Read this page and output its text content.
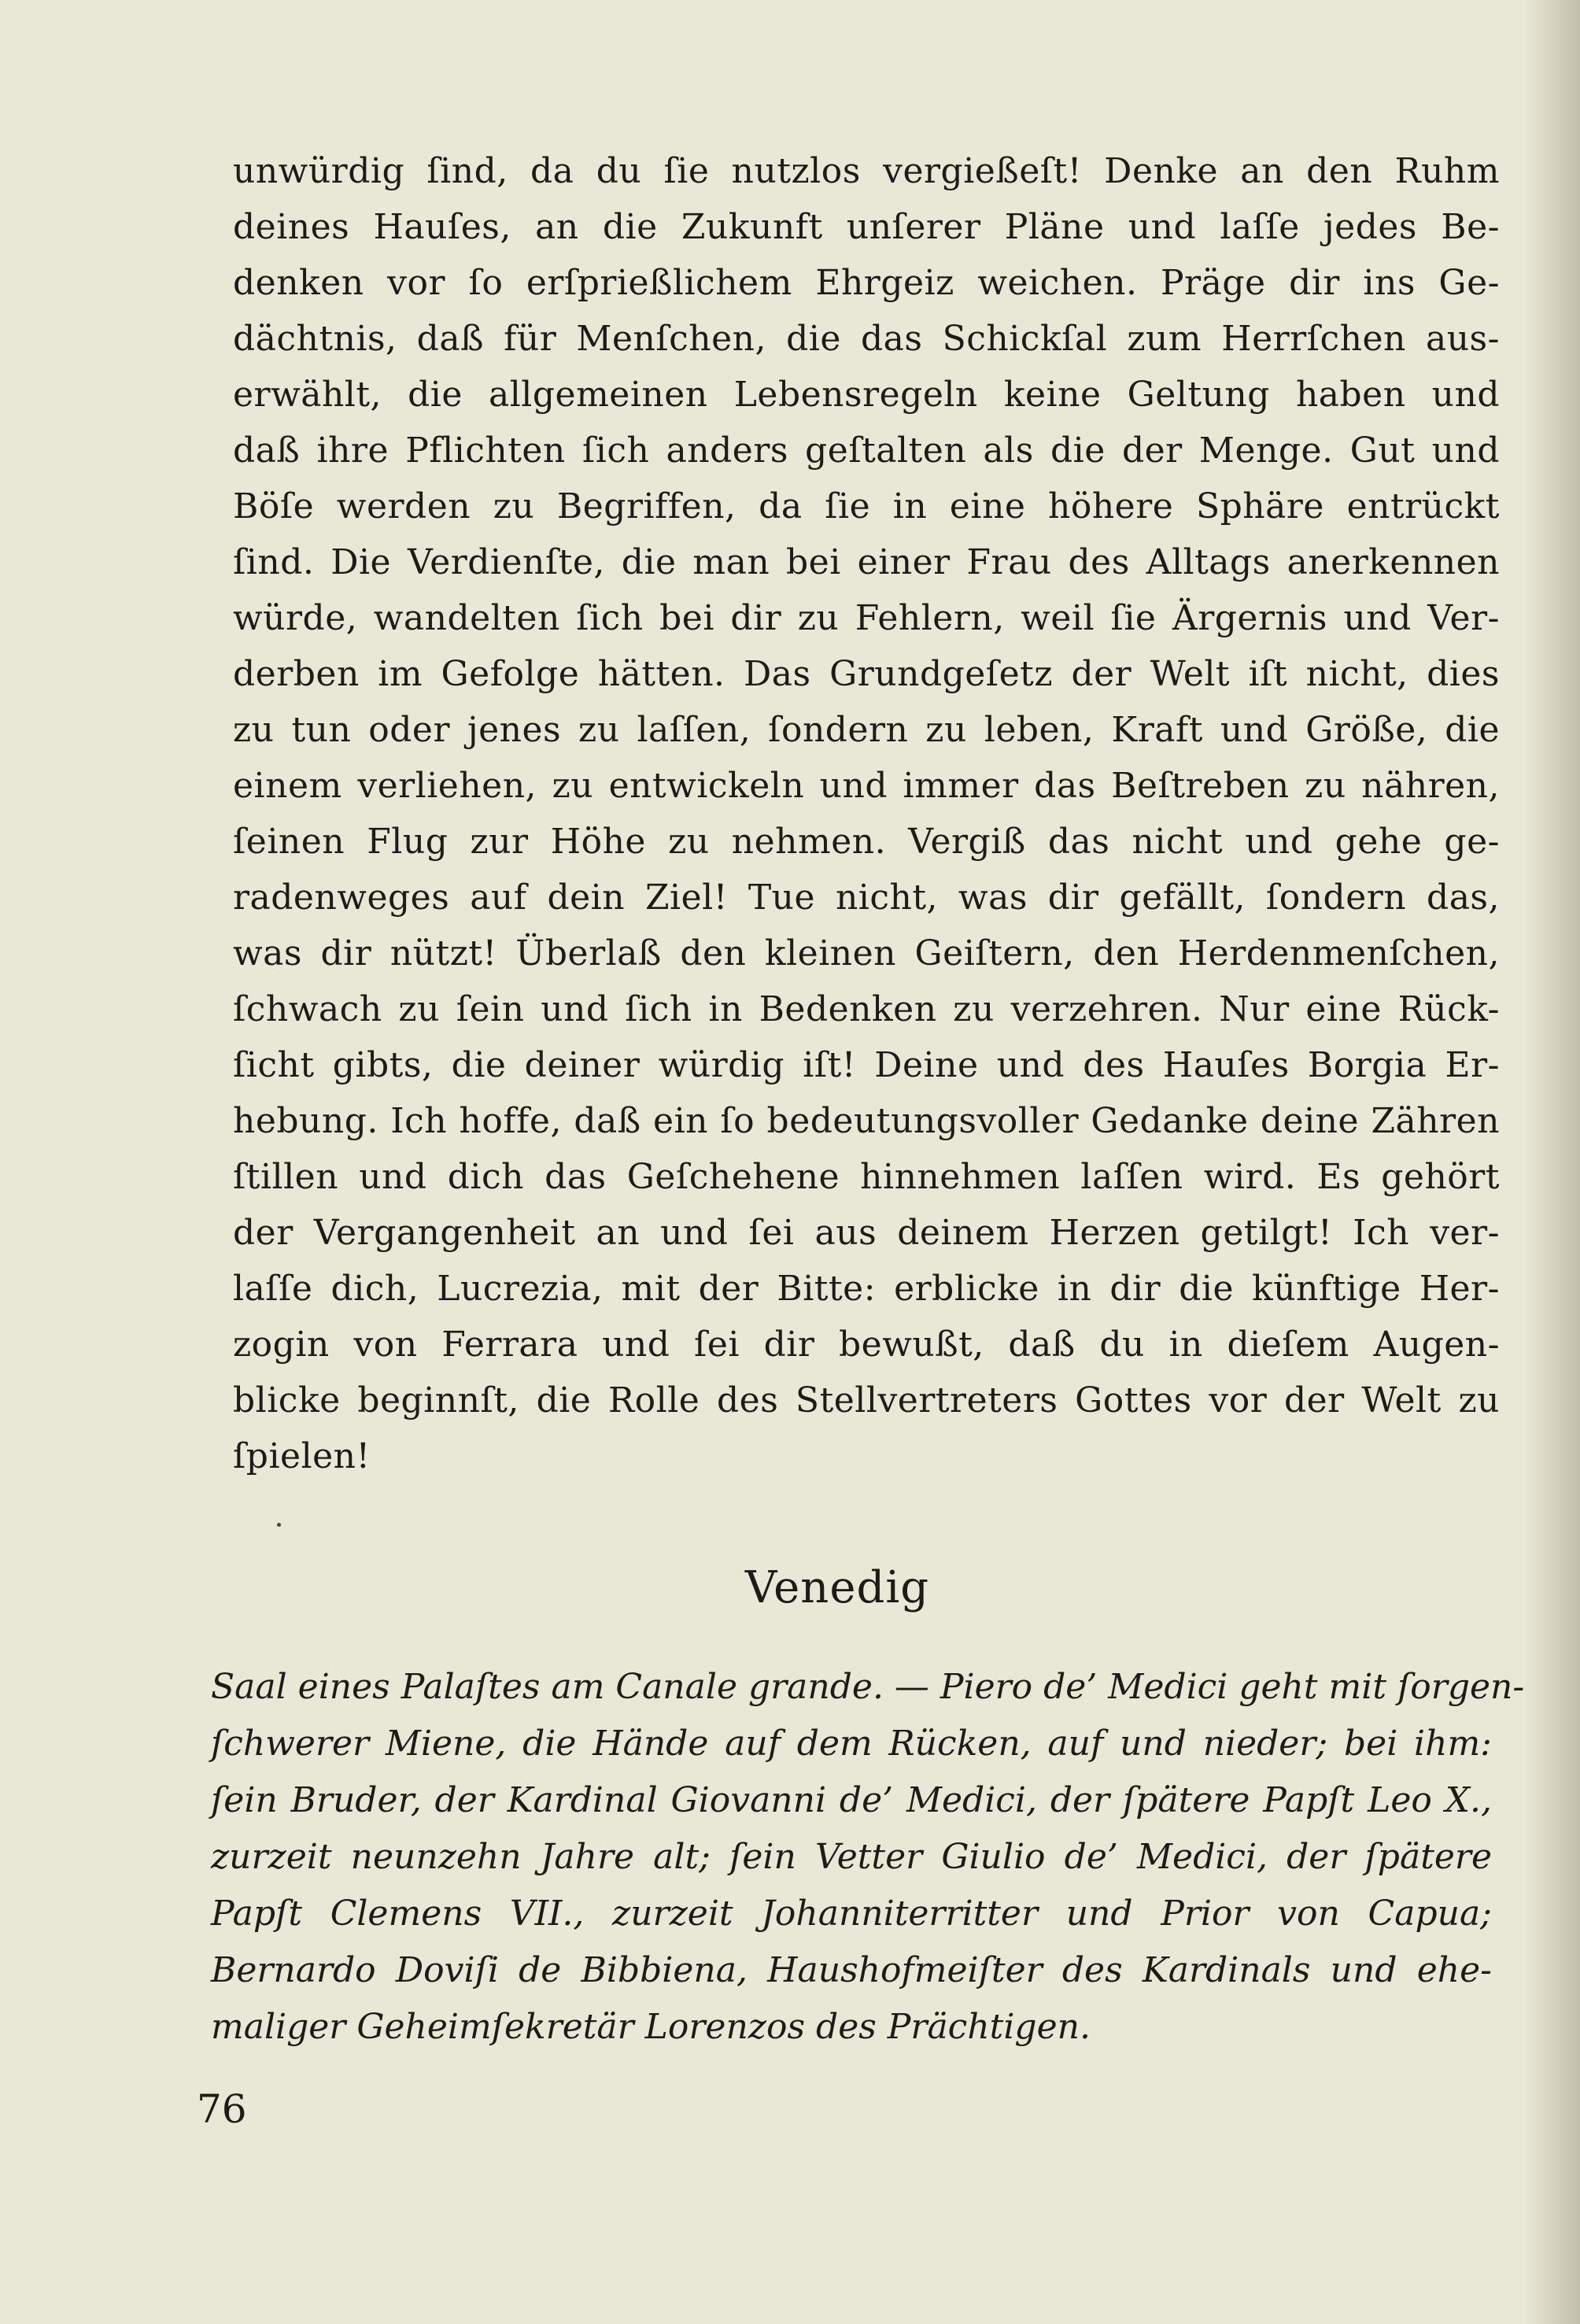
unwürdig ſind, da du ſie nutzlos vergießeſt! Denke an den Ruhm
deines Hauſes, an die Zukunft unſerer Pläne und laſſe jedes Be-
denken vor ſo erſprießlichem Ehrgeiz weichen. Präge dir ins Ge-
dächtnis, daß für Menſchen, die das Schickſal zum Herrſchen aus-
erwählt, die allgemeinen Lebensregeln keine Geltung haben und
daß ihre Pflichten ſich anders geſtalten als die der Menge. Gut und
Böſe werden zu Begriffen, da ſie in eine höhere Sphäre entrückt
ſind. Die Verdienſte, die man bei einer Frau des Alltags anerkennen
würde, wandelten ſich bei dir zu Fehlern, weil ſie Ärgernis und Ver-
derben im Gefolge hätten. Das Grundgeſetz der Welt iſt nicht, dies
zu tun oder jenes zu laſſen, ſondern zu leben, Kraft und Größe, die
einem verliehen, zu entwickeln und immer das Beſtreben zu nähren,
ſeinen Flug zur Höhe zu nehmen. Vergiß das nicht und gehe ge-
radenweges auf dein Ziel! Tue nicht, was dir gefällt, ſondern das,
was dir nützt! Überlaß den kleinen Geiſtern, den Herdenmenſchen,
ſchwach zu ſein und ſich in Bedenken zu verzehren. Nur eine Rück-
ſicht gibts, die deiner würdig iſt! Deine und des Hauſes Borgia Er-
hebung. Ich hoffe, daß ein ſo bedeutungsvoller Gedanke deine Zähren
ſtillen und dich das Geſchehene hinnehmen laſſen wird. Es gehört
der Vergangenheit an und ſei aus deinem Herzen getilgt! Ich ver-
laſſe dich, Lucrezia, mit der Bitte: erblicke in dir die künftige Her-
zogin von Ferrara und ſei dir bewußt, daß du in dieſem Augen-
blicke beginnſt, die Rolle des Stellvertreters Gottes vor der Welt zu
ſpielen!
Venedig
Saal eines Palaſtes am Canale grande. — Piero de’ Medici geht mit ſorgen-
ſchwerer Miene, die Hände auf dem Rücken, auf und nieder; bei ihm:
ſein Bruder, der Kardinal Giovanni de’ Medici, der ſpätere Papſt Leo X.,
zurzeit neunzehn Jahre alt; ſein Vetter Giulio de’ Medici, der ſpätere
Papſt Clemens VII., zurzeit Johanniterritter und Prior von Capua;
Bernardo Doviſi de Bibbiena, Haushofmeiſter des Kardinals und ehe-
maliger Geheimſekretär Lorenzos des Prächtigen.
76
